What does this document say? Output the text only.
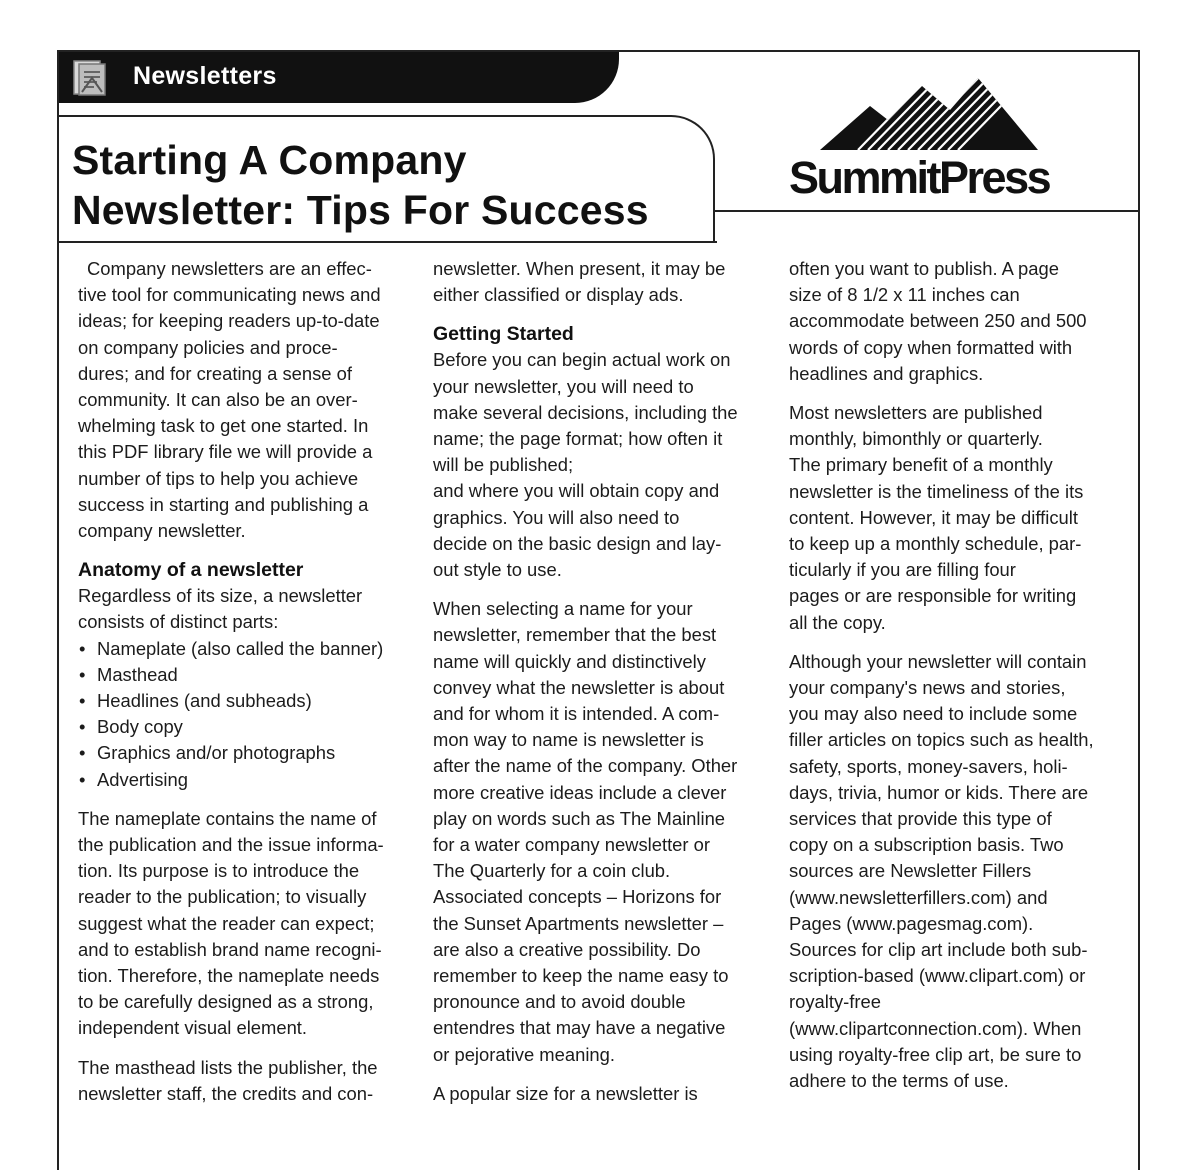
Newsletters
Starting A Company
Newsletter: Tips For Success
SummitPress

Company newsletters are an effec-
tive tool for communicating news and
ideas; for keeping readers up-to-date
on company policies and proce-
dures; and for creating a sense of
community. It can also be an over-
whelming task to get one started. In
this PDF library file we will provide a
number of tips to help you achieve
success in starting and publishing a
company newsletter.

Anatomy of a newsletter

Regardless of its size, a newsletter
consists of distinct parts:

• Nameplate (also called the banner)
• Masthead
• Headlines (and subheads)
• Body copy
• Graphics and/or photographs
• Advertising

The nameplate contains the name of
the publication and the issue informa-
tion. Its purpose is to introduce the
reader to the publication; to visually
suggest what the reader can expect;
and to establish brand name recogni-
tion. Therefore, the nameplate needs
to be carefully designed as a strong,
independent visual element.

The masthead lists the publisher, the
newsletter staff, the credits and con-

newsletter. When present, it may be
either classified or display ads.

Getting Started

Before you can begin actual work on
your newsletter, you will need to
make several decisions, including the
name; the page format; how often it
will be published;
and where you will obtain copy and
graphics. You will also need to
decide on the basic design and lay-
out style to use.

When selecting a name for your
newsletter, remember that the best
name will quickly and distinctively
convey what the newsletter is about
and for whom it is intended. A com-
mon way to name is newsletter is
after the name of the company. Other
more creative ideas include a clever
play on words such as The Mainline
for a water company newsletter or
The Quarterly for a coin club.
Associated concepts – Horizons for
the Sunset Apartments newsletter –
are also a creative possibility. Do
remember to keep the name easy to
pronounce and to avoid double
entendres that may have a negative
or pejorative meaning.

A popular size for a newsletter is

often you want to publish. A page
size of 8 1/2 x 11 inches can
accommodate between 250 and 500
words of copy when formatted with
headlines and graphics.

Most newsletters are published
monthly, bimonthly or quarterly.
The primary benefit of a monthly
newsletter is the timeliness of the its
content. However, it may be difficult
to keep up a monthly schedule, par-
ticularly if you are filling four
pages or are responsible for writing
all the copy.

Although your newsletter will contain
your company's news and stories,
you may also need to include some
filler articles on topics such as health,
safety, sports, money-savers, holi-
days, trivia, humor or kids. There are
services that provide this type of
copy on a subscription basis. Two
sources are Newsletter Fillers
(www.newsletterfillers.com) and
Pages (www.pagesmag.com).
Sources for clip art include both sub-
scription-based (www.clipart.com) or
royalty-free
(www.clipartconnection.com). When
using royalty-free clip art, be sure to
adhere to the terms of use.
